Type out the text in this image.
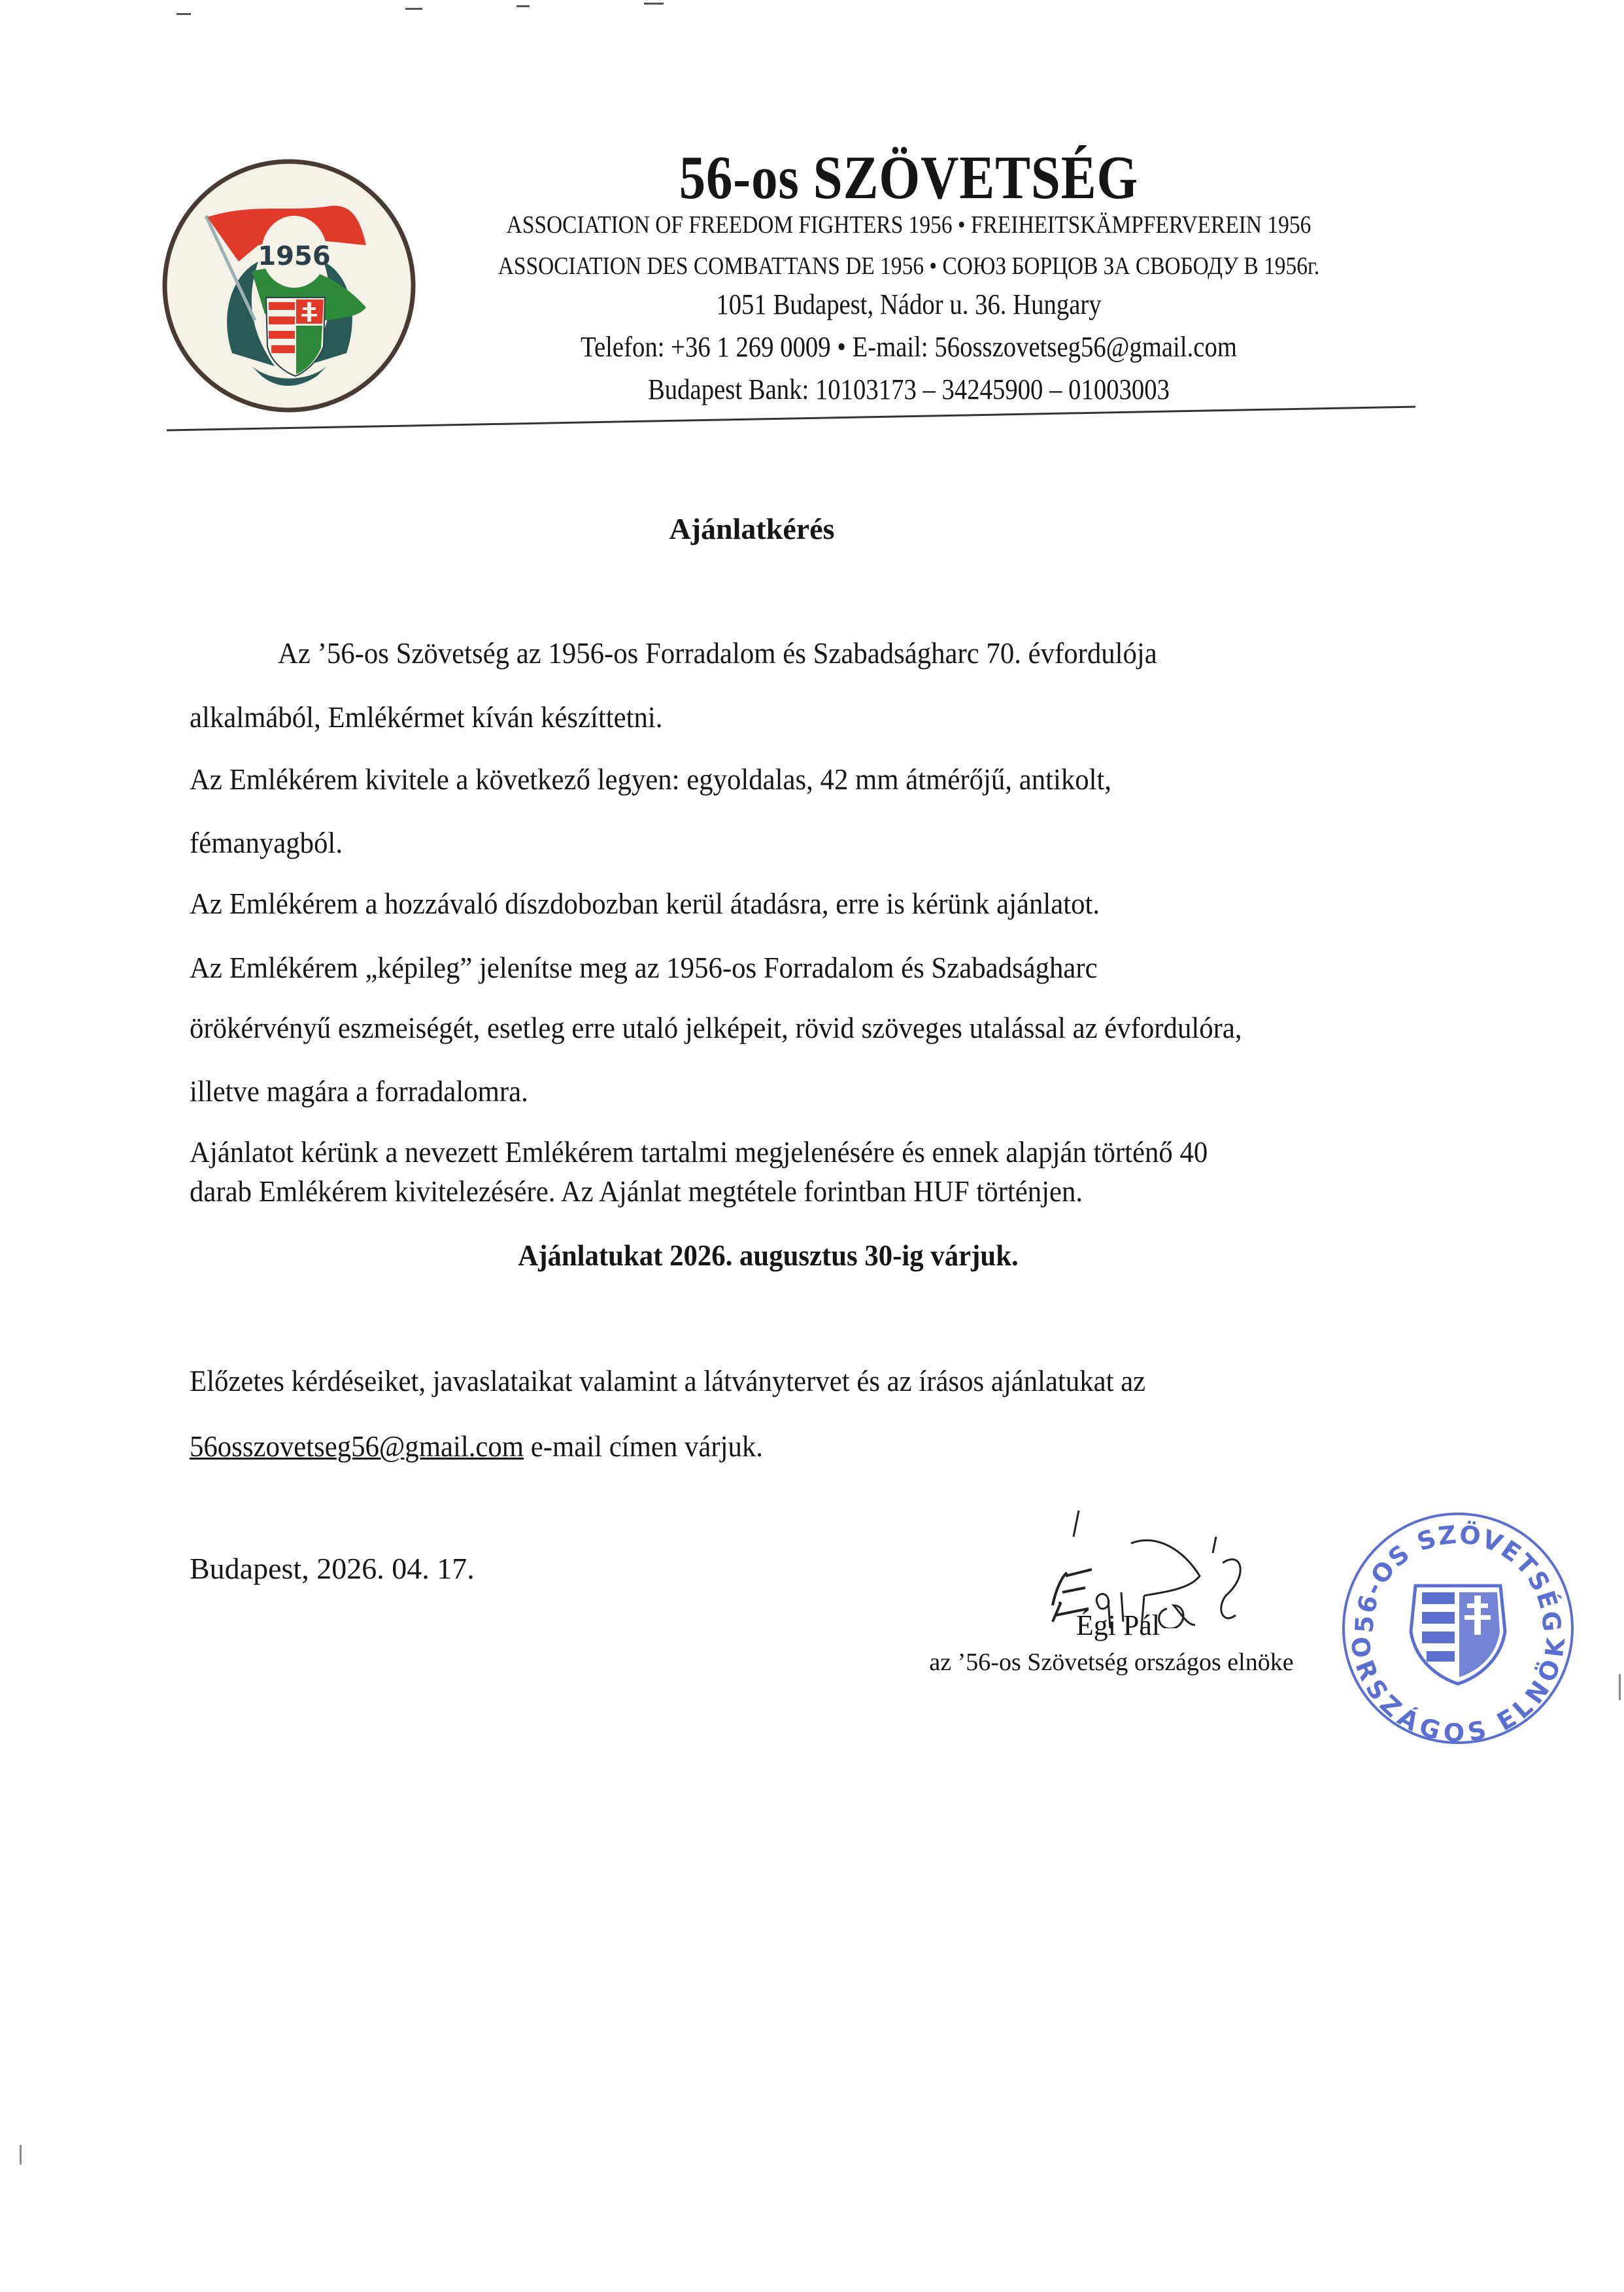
1956
56-os SZÖVETSÉG
ASSOCIATION OF FREEDOM FIGHTERS 1956 • FREIHEITSKÄMPFERVEREIN 1956
ASSOCIATION DES COMBATTANS DE 1956 • СОЮЗ БОРЦОВ ЗА СВОБОДУ В 1956г.
1051 Budapest, Nádor u. 36. Hungary
Telefon: +36 1 269 0009 • E-mail: 56osszovetseg56@gmail.com
Budapest Bank: 10103173 – 34245900 – 01003003
Ajánlatkérés
Az ’56-os Szövetség az 1956-os Forradalom és Szabadságharc 70. évfordulója
alkalmából, Emlékérmet kíván készíttetni.
Az Emlékérem kivitele a következő legyen: egyoldalas, 42 mm átmérőjű, antikolt,
fémanyagból.
Az Emlékérem a hozzávaló díszdobozban kerül átadásra, erre is kérünk ajánlatot.
Az Emlékérem „képileg” jelenítse meg az 1956-os Forradalom és Szabadságharc
örökérvényű eszmeiségét, esetleg erre utaló jelképeit, rövid szöveges utalással az évfordulóra,
illetve magára a forradalomra.
Ajánlatot kérünk a nevezett Emlékérem tartalmi megjelenésére és ennek alapján történő 40
darab Emlékérem kivitelezésére. Az Ajánlat megtétele forintban HUF történjen.
Ajánlatukat 2026. augusztus 30-ig várjuk.
Előzetes kérdéseiket, javaslataikat valamint a látványtervet és az írásos ajánlatukat az
56osszovetseg56@gmail.com e-mail címen várjuk.
Budapest, 2026. 04. 17.
Égi Pál
az ’56-os Szövetség országos elnöke
56-OS SZÖVETSÉG
ORSZÁGOS ELNÖK
